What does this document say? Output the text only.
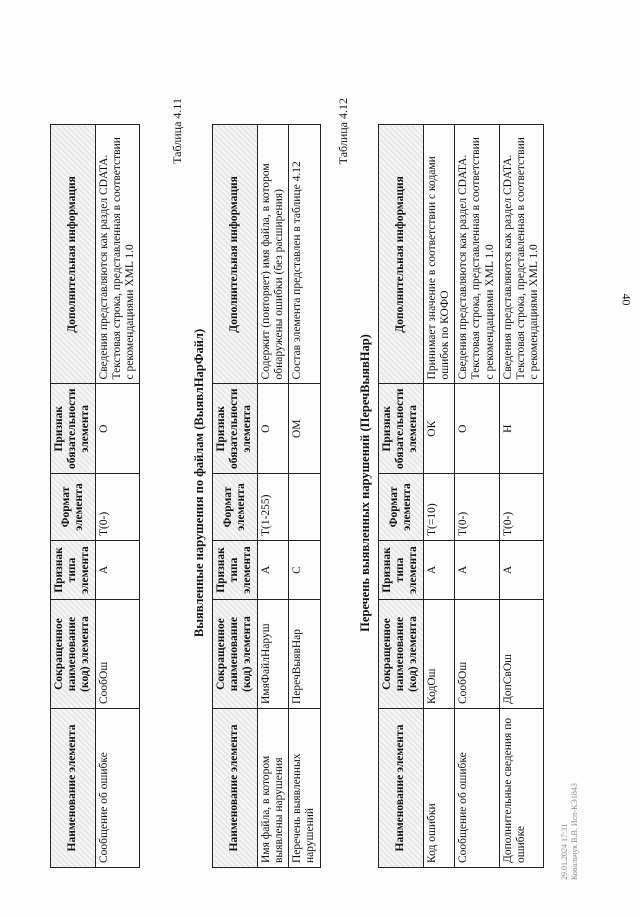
40
Наименование элемента	Сокращенное наименование (код) элемента	Признак типа элемента	Формат элемента	Признак обязательности элемента	Дополнительная информация
Сообщение об ошибке	СообОш	А	T(0-)	О	Сведения представляются как раздел CDATA. Текстовая строка, представленная в соответствии с рекомендациями XML 1.0
Таблица 4.11
Выявленные нарушения по файлам (ВыявлНарФайл)
Наименование элемента	Сокращенное наименование (код) элемента	Признак типа элемента	Формат элемента	Признак обязательности элемента	Дополнительная информация
Имя файла, в котором выявлены нарушения	ИмяФайлНаруш	А	T(1-255)	О	Содержит (повторяет) имя файла, в котором обнаружены ошибки (без расширения)
Перечень выявленных нарушений	ПеречВыявНар	С		ОМ	Состав элемента представлен в таблице 4.12
Таблица 4.12
Перечень выявленных нарушений (ПеречВыявНар)
Наименование элемента	Сокращенное наименование (код) элемента	Признак типа элемента	Формат элемента	Признак обязательности элемента	Дополнительная информация
Код ошибки	КодОш	А	T(=10)	ОК	Принимает значение в соответствии с кодами ошибок по КОФО
Сообщение об ошибке	СообОш	А	T(0-)	О	Сведения представляются как раздел CDATA. Текстовая строка, представленная в соответствии с рекомендациями XML 1.0
Дополнительные сведения по ошибке	ДопСвОш	А	T(0-)	Н	Сведения представляются как раздел CDATA. Текстовая строка, представленная в соответствии с рекомендациями XML 1.0
29.01.2024 17:31 Ковальчук В.В. Исп-КЭ1843
